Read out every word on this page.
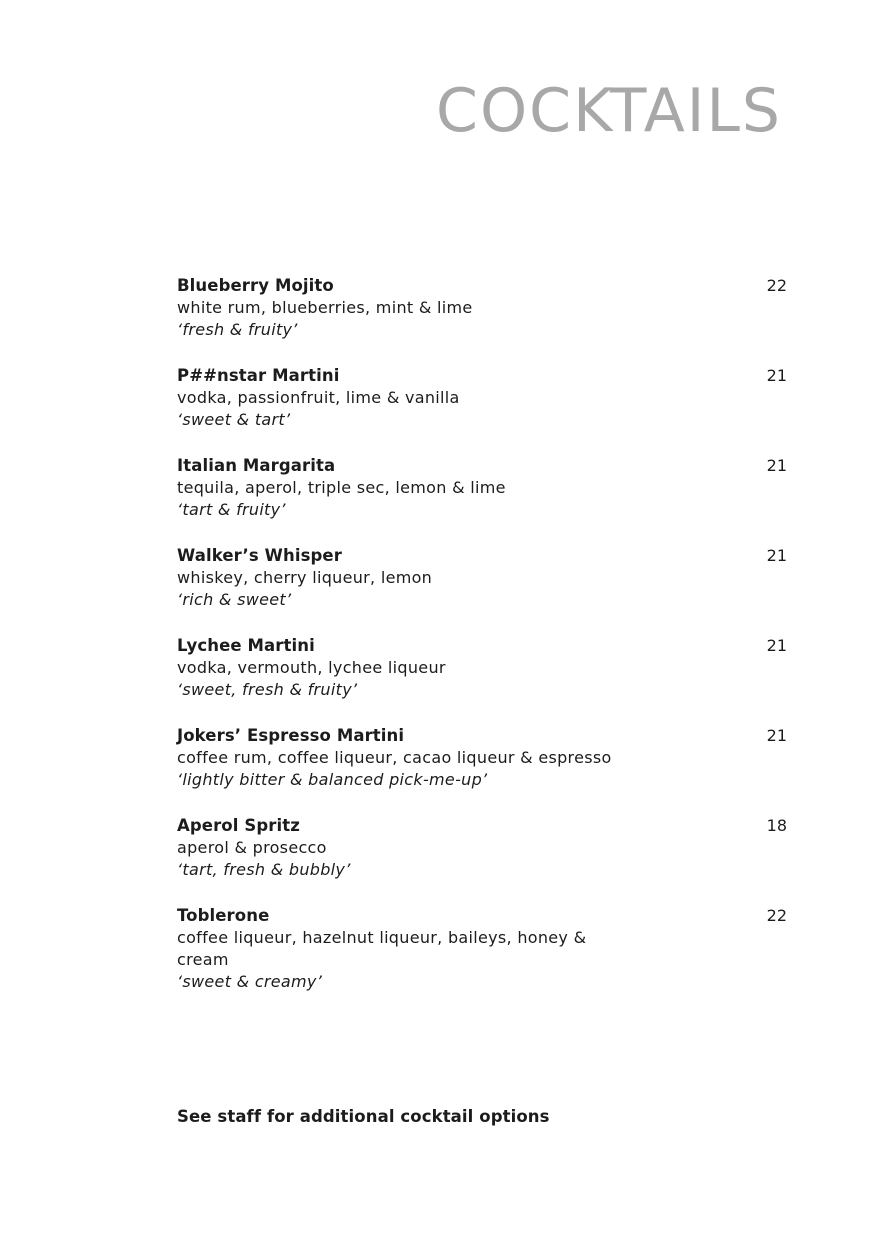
COCKTAILS
Blueberry Mojito	22
white rum, blueberries, mint & lime
‘fresh & fruity’
P##nstar Martini	21
vodka, passionfruit, lime & vanilla
‘sweet & tart’
Italian Margarita	21
tequila, aperol, triple sec, lemon & lime
‘tart & fruity’
Walker’s Whisper	21
whiskey, cherry liqueur, lemon
‘rich & sweet’
Lychee Martini	21
vodka, vermouth, lychee liqueur
‘sweet, fresh & fruity’
Jokers’ Espresso Martini	21
coffee rum, coffee liqueur, cacao liqueur & espresso
‘lightly bitter & balanced pick-me-up’
Aperol Spritz	18
aperol & prosecco
‘tart, fresh & bubbly’
Toblerone	22
coffee liqueur, hazelnut liqueur, baileys, honey & cream
‘sweet & creamy’
See staff for additional cocktail options
